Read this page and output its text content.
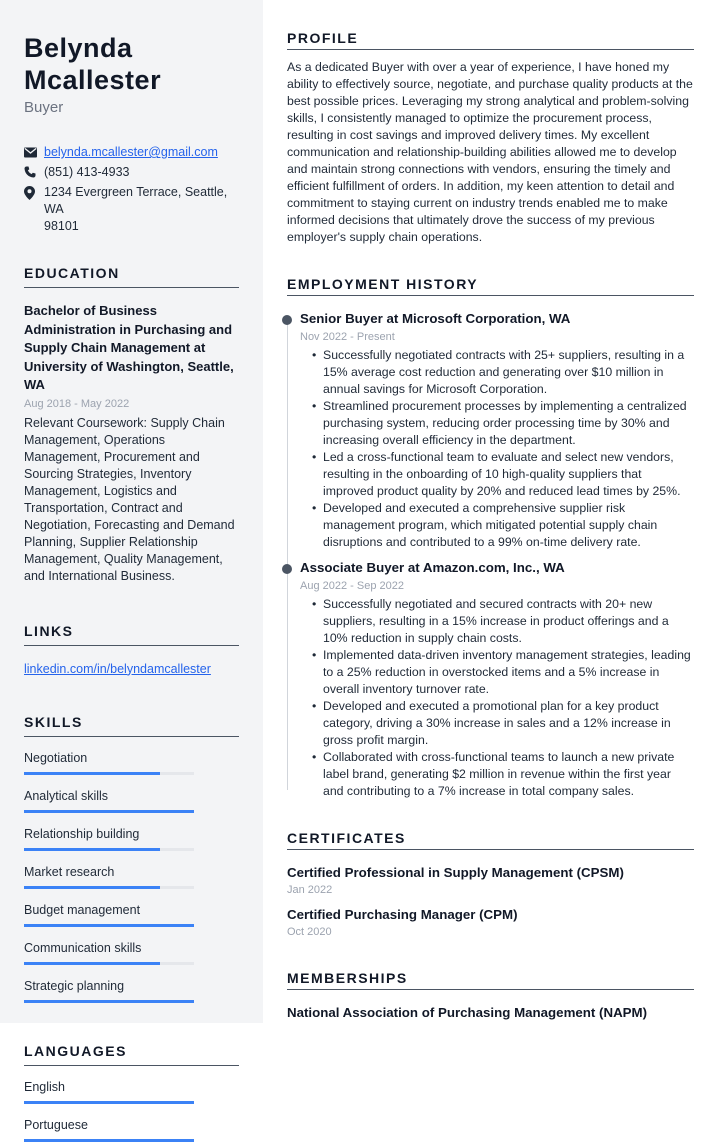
Belynda
Mcallester
Buyer
belynda.mcallester@gmail.com
(851) 413-4933
1234 Evergreen Terrace, Seattle, WA
98101
EDUCATION
Bachelor of Business Administration in Purchasing and Supply Chain Management at University of Washington, Seattle, WA
Aug 2018 - May 2022
Relevant Coursework: Supply Chain Management, Operations Management, Procurement and Sourcing Strategies, Inventory Management, Logistics and Transportation, Contract and Negotiation, Forecasting and Demand Planning, Supplier Relationship Management, Quality Management, and International Business.
LINKS
linkedin.com/in/belyndamcallester
SKILLS
Negotiation
Analytical skills
Relationship building
Market research
Budget management
Communication skills
Strategic planning
LANGUAGES
English
Portuguese
PROFILE

As a dedicated Buyer with over a year of experience, I have honed my ability to effectively source, negotiate, and purchase quality products at the best possible prices. Leveraging my strong analytical and problem-solving skills, I consistently managed to optimize the procurement process, resulting in cost savings and improved delivery times. My excellent communication and relationship-building abilities allowed me to develop and maintain strong connections with vendors, ensuring the timely and efficient fulfillment of orders. In addition, my keen attention to detail and commitment to staying current on industry trends enabled me to make informed decisions that ultimately drove the success of my previous employer's supply chain operations.

EMPLOYMENT HISTORY
Senior Buyer at Microsoft Corporation, WA
Nov 2022 - Present
• Successfully negotiated contracts with 25+ suppliers, resulting in a 15% average cost reduction and generating over $10 million in annual savings for Microsoft Corporation.
• Streamlined procurement processes by implementing a centralized purchasing system, reducing order processing time by 30% and increasing overall efficiency in the department.
• Led a cross-functional team to evaluate and select new vendors, resulting in the onboarding of 10 high-quality suppliers that improved product quality by 20% and reduced lead times by 25%.
• Developed and executed a comprehensive supplier risk management program, which mitigated potential supply chain disruptions and contributed to a 99% on-time delivery rate.
Associate Buyer at Amazon.com, Inc., WA
Aug 2022 - Sep 2022
• Successfully negotiated and secured contracts with 20+ new suppliers, resulting in a 15% increase in product offerings and a 10% reduction in supply chain costs.
• Implemented data-driven inventory management strategies, leading to a 25% reduction in overstocked items and a 5% increase in overall inventory turnover rate.
• Developed and executed a promotional plan for a key product category, driving a 30% increase in sales and a 12% increase in gross profit margin.
• Collaborated with cross-functional teams to launch a new private label brand, generating $2 million in revenue within the first year and contributing to a 7% increase in total company sales.
CERTIFICATES
Certified Professional in Supply Management (CPSM)
Jan 2022
Certified Purchasing Manager (CPM)
Oct 2020
MEMBERSHIPS
National Association of Purchasing Management (NAPM)
